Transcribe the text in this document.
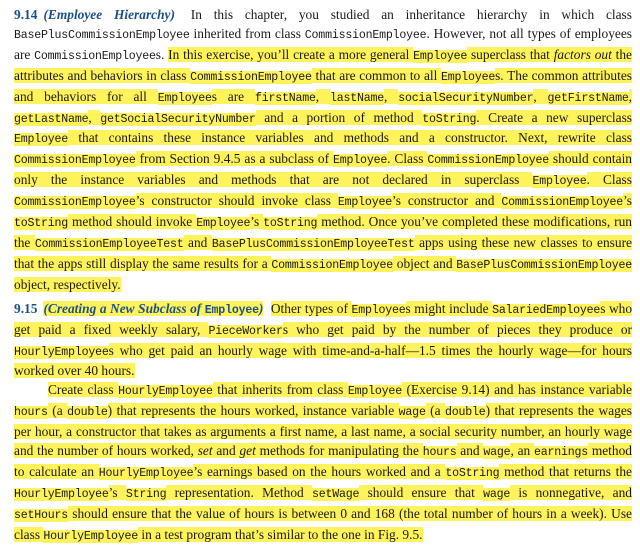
9.14 (Employee Hierarchy) In this chapter, you studied an inheritance hierarchy in which class BasePlusCommissionEmployee inherited from class CommissionEmployee. However, not all types of employees are CommissionEmployees. In this exercise, you’ll create a more general Employee superclass that factors out the attributes and behaviors in class CommissionEmployee that are common to all Employees. The common attributes and behaviors for all Employees are firstName, lastName, socialSecurityNumber, getFirstName, getLastName, getSocialSecurityNumber and a portion of method toString. Create a new superclass Employee that contains these instance variables and methods and a constructor. Next, rewrite class CommissionEmployee from Section 9.4.5 as a subclass of Employee. Class CommissionEmployee should contain only the instance variables and methods that are not declared in superclass Employee. Class CommissionEmployee’s constructor should invoke class Employee’s constructor and CommissionEmployee’s toString method should invoke Employee’s toString method. Once you’ve completed these modifications, run the CommissionEmployeeTest and BasePlusCommissionEmployeeTest apps using these new classes to ensure that the apps still display the same results for a CommissionEmployee object and BasePlusCommissionEmployee object, respectively.

9.15 (Creating a New Subclass of Employee) Other types of Employees might include SalariedEmployees who get paid a fixed weekly salary, PieceWorkers who get paid by the number of pieces they produce or HourlyEmployees who get paid an hourly wage with time-and-a-half—1.5 times the hourly wage—for hours worked over 40 hours.

Create class HourlyEmployee that inherits from class Employee (Exercise 9.14) and has instance variable hours (a double) that represents the hours worked, instance variable wage (a double) that represents the wages per hour, a constructor that takes as arguments a first name, a last name, a social security number, an hourly wage and the number of hours worked, set and get methods for manipulating the hours and wage, an earnings method to calculate an HourlyEmployee’s earnings based on the hours worked and a toString method that returns the HourlyEmployee’s String representation. Method setWage should ensure that wage is nonnegative, and setHours should ensure that the value of hours is between 0 and 168 (the total number of hours in a week). Use class HourlyEmployee in a test program that’s similar to the one in Fig. 9.5.
